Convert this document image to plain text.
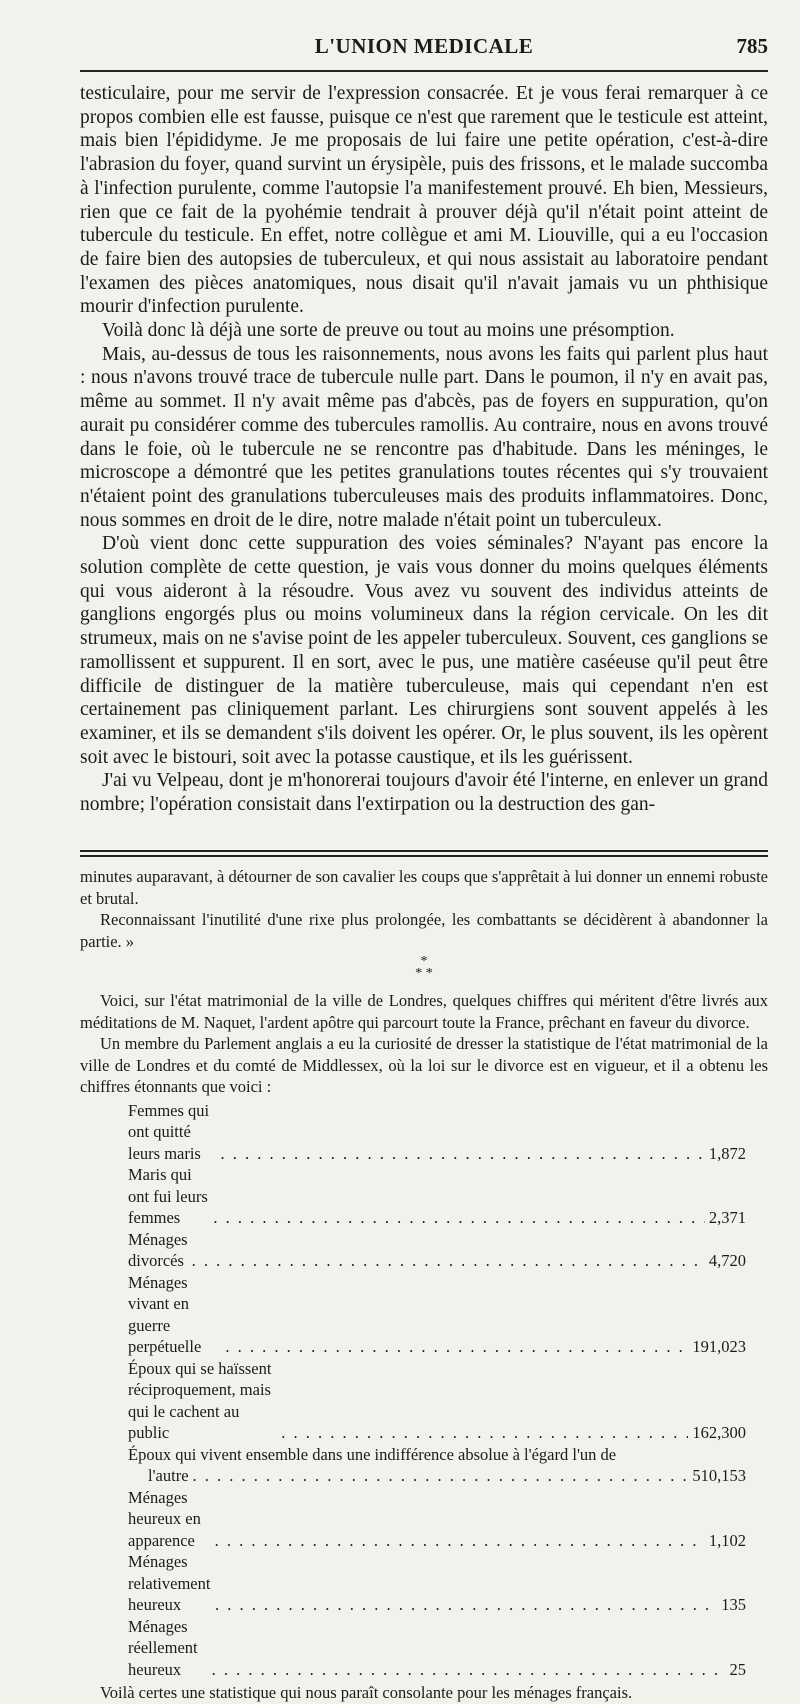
L'UNION MEDICALE	785

testiculaire, pour me servir de l'expression consacrée. Et je vous ferai remarquer à ce propos combien elle est fausse, puisque ce n'est que rarement que le testicule est atteint, mais bien l'épididyme. Je me proposais de lui faire une petite opération, c'est-à-dire l'abrasion du foyer, quand survint un érysipèle, puis des frissons, et le malade succomba à l'infection purulente, comme l'autopsie l'a manifestement prouvé. Eh bien, Messieurs, rien que ce fait de la pyohémie tendrait à prouver déjà qu'il n'était point atteint de tubercule du testicule. En effet, notre collègue et ami M. Liouville, qui a eu l'occasion de faire bien des autopsies de tuberculeux, et qui nous assistait au laboratoire pendant l'examen des pièces anatomiques, nous disait qu'il n'avait jamais vu un phthisique mourir d'infection purulente.

Voilà donc là déjà une sorte de preuve ou tout au moins une présomption.

Mais, au-dessus de tous les raisonnements, nous avons les faits qui parlent plus haut : nous n'avons trouvé trace de tubercule nulle part. Dans le poumon, il n'y en avait pas, même au sommet. Il n'y avait même pas d'abcès, pas de foyers en suppuration, qu'on aurait pu considérer comme des tubercules ramollis. Au contraire, nous en avons trouvé dans le foie, où le tubercule ne se rencontre pas d'habitude. Dans les méninges, le microscope a démontré que les petites granulations toutes récentes qui s'y trouvaient n'étaient point des granulations tuberculeuses mais des produits inflammatoires. Donc, nous sommes en droit de le dire, notre malade n'était point un tuberculeux.

D'où vient donc cette suppuration des voies séminales? N'ayant pas encore la solution complète de cette question, je vais vous donner du moins quelques éléments qui vous aideront à la résoudre. Vous avez vu souvent des individus atteints de ganglions engorgés plus ou moins volumineux dans la région cervicale. On les dit strumeux, mais on ne s'avise point de les appeler tuberculeux. Souvent, ces ganglions se ramollissent et suppurent. Il en sort, avec le pus, une matière caséeuse qu'il peut être difficile de distinguer de la matière tuberculeuse, mais qui cependant n'en est certainement pas cliniquement parlant. Les chirurgiens sont souvent appelés à les examiner, et ils se demandent s'ils doivent les opérer. Or, le plus souvent, ils les opèrent soit avec le bistouri, soit avec la potasse caustique, et ils les guérissent.

J'ai vu Velpeau, dont je m'honorerai toujours d'avoir été l'interne, en enlever un grand nombre; l'opération consistait dans l'extirpation ou la destruction des gan-

minutes auparavant, à détourner de son cavalier les coups que s'apprêtait à lui donner un ennemi robuste et brutal.

Reconnaissant l'inutilité d'une rixe plus prolongée, les combattants se décidèrent à abandonner la partie. »

*
* *

Voici, sur l'état matrimonial de la ville de Londres, quelques chiffres qui méritent d'être livrés aux méditations de M. Naquet, l'ardent apôtre qui parcourt toute la France, prêchant en faveur du divorce.

Un membre du Parlement anglais a eu la curiosité de dresser la statistique de l'état matrimonial de la ville de Londres et du comté de Middlessex, où la loi sur le divorce est en vigueur, et il a obtenu les chiffres étonnants que voici :

Femmes qui ont quitté leurs maris . . .	1,872
Maris qui ont fui leurs femmes . . .	2,371
Ménages divorcés . . .	4,720
Ménages vivant en guerre perpétuelle . . .	191,023
Époux qui se haïssent réciproquement, mais qui le cachent au public . . .	162,300
Époux qui vivent ensemble dans une indifférence absolue à l'égard l'un de
l'autre . . .	510,153
Ménages heureux en apparence . . .	1,102
Ménages relativement heureux . . .	135
Ménages réellement heureux . . .	25

Voilà certes une statistique qui nous paraît consolante pour les ménages français.
